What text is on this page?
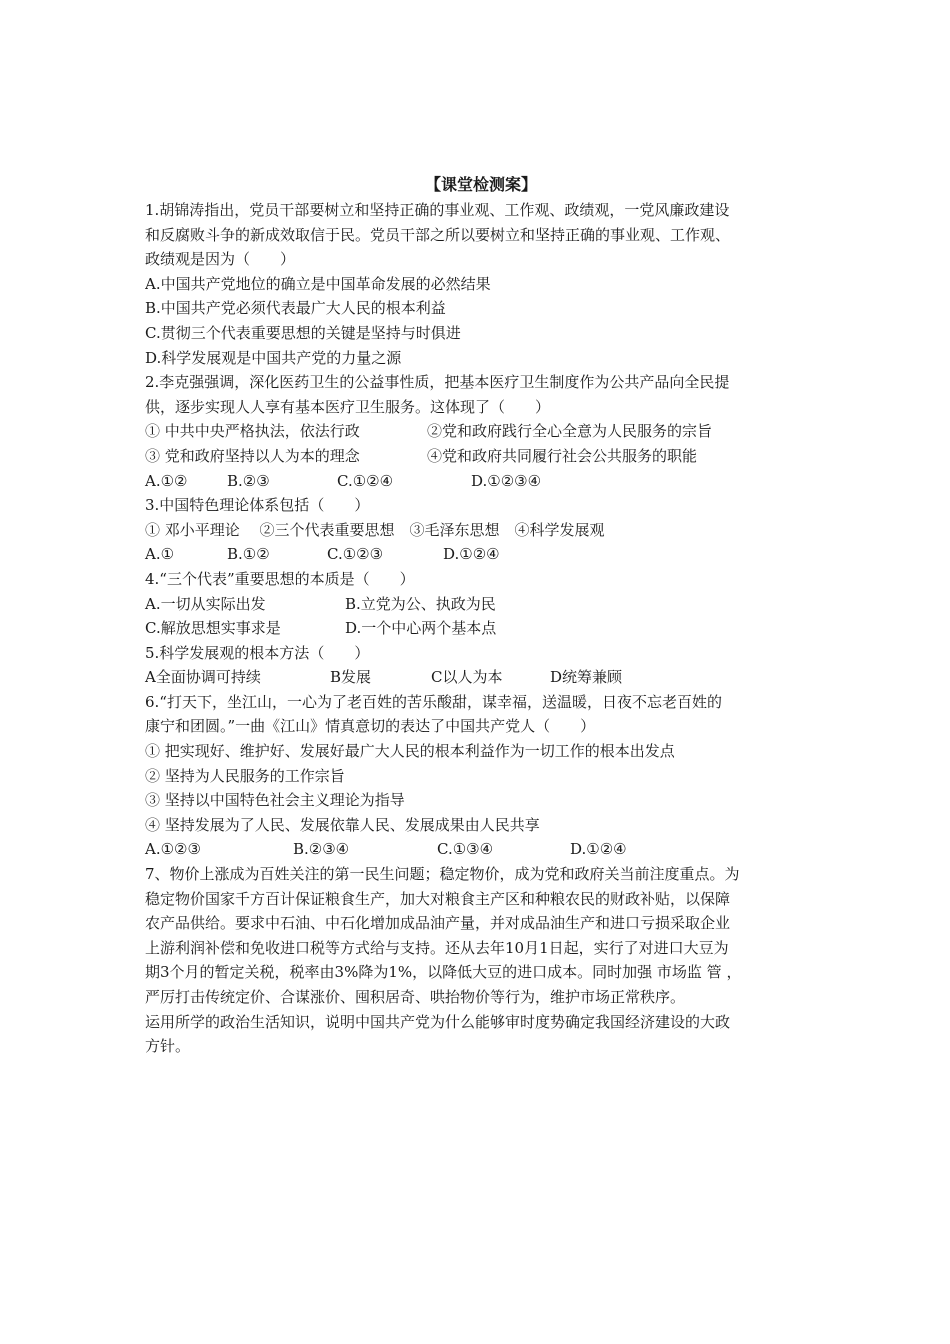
【课堂检测案】
1.胡锦涛指出，党员干部要树立和坚持正确的事业观、工作观、政绩观，一党风廉政建设
和反腐败斗争的新成效取信于民。党员干部之所以要树立和坚持正确的事业观、工作观、
政绩观是因为（　　）
A.中国共产党地位的确立是中国革命发展的必然结果
B.中国共产党必须代表最广大人民的根本利益
C.贯彻三个代表重要思想的关键是坚持与时俱进
D.科学发展观是中国共产党的力量之源
2.李克强强调，深化医药卫生的公益事性质，把基本医疗卫生制度作为公共产品向全民提
供，逐步实现人人享有基本医疗卫生服务。这体现了（　　）
① 中共中央严格执法，依法行政	②党和政府践行全心全意为人民服务的宗旨
③ 党和政府坚持以人为本的理念	④党和政府共同履行社会公共服务的职能
A.①②	B.②③	C.①②④	D.①②③④
3.中国特色理论体系包括（　　）
① 邓小平理论　 ②三个代表重要思想　③毛泽东思想　④科学发展观
A.①	B.①②	C.①②③	D.①②④
4.“三个代表”重要思想的本质是（　　）
A.一切从实际出发	B.立党为公、执政为民
C.解放思想实事求是	D.一个中心两个基本点
5.科学发展观的根本方法（　　）
A全面协调可持续	B发展	C以人为本	D统筹兼顾
6.“打天下，坐江山，一心为了老百姓的苦乐酸甜，谋幸福，送温暖，日夜不忘老百姓的
康宁和团圆。”一曲《江山》情真意切的表达了中国共产党人（　　）
① 把实现好、维护好、发展好最广大人民的根本利益作为一切工作的根本出发点
② 坚持为人民服务的工作宗旨
③ 坚持以中国特色社会主义理论为指导
④ 坚持发展为了人民、发展依靠人民、发展成果由人民共享
A.①②③	B.②③④	C.①③④	D.①②④
7、物价上涨成为百姓关注的第一民生问题；稳定物价，成为党和政府关当前注度重点。为
稳定物价国家千方百计保证粮食生产，加大对粮食主产区和种粮农民的财政补贴，以保障
农产品供给。要求中石油、中石化增加成品油产量，并对成品油生产和进口亏损采取企业
上游利润补偿和免收进口税等方式给与支持。还从去年10月1日起，实行了对进口大豆为
期3个月的暂定关税，税率由3%降为1%，以降低大豆的进口成本。同时加强 市场监 管 ，
严厉打击传统定价、合谋涨价、囤积居奇、哄抬物价等行为，维护市场正常秩序。
运用所学的政治生活知识，说明中国共产党为什么能够审时度势确定我国经济建设的大政
方针。
